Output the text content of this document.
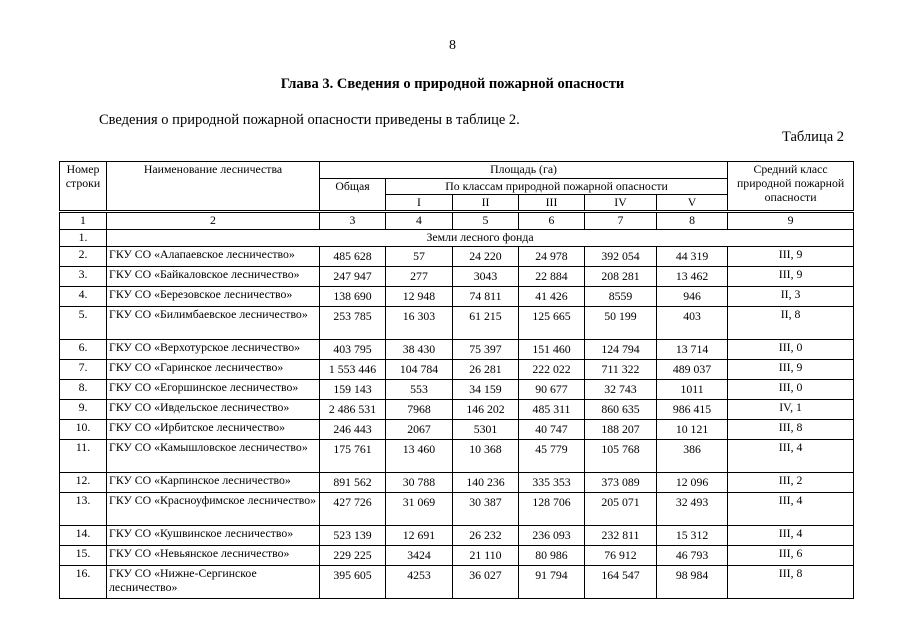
8
Глава 3. Сведения о природной пожарной опасности
Сведения о природной пожарной опасности приведены в таблице 2.
Таблица 2
Номер строки	Наименование лесничества	Площадь (га)						Средний класс природной пожарной опасности
		Общая	По классам природной пожарной опасности					
			I	II	III	IV	V	
1	2	3	4	5	6	7	8	9
1.	Земли лесного фонда							
2.	ГКУ СО «Алапаевское лесничество»	485 628	57	24 220	24 978	392 054	44 319	III, 9
3.	ГКУ СО «Байкаловское лесничество»	247 947	277	3043	22 884	208 281	13 462	III, 9
4.	ГКУ СО «Березовское лесничество»	138 690	12 948	74 811	41 426	8559	946	II, 3
5.	ГКУ СО «Билимбаевское лесничество»	253 785	16 303	61 215	125 665	50 199	403	II, 8
6.	ГКУ СО «Верхотурское лесничество»	403 795	38 430	75 397	151 460	124 794	13 714	III, 0
7.	ГКУ СО «Гаринское лесничество»	1 553 446	104 784	26 281	222 022	711 322	489 037	III, 9
8.	ГКУ СО «Егоршинское лесничество»	159 143	553	34 159	90 677	32 743	1011	III, 0
9.	ГКУ СО «Ивдельское лесничество»	2 486 531	7968	146 202	485 311	860 635	986 415	IV, 1
10.	ГКУ СО «Ирбитское лесничество»	246 443	2067	5301	40 747	188 207	10 121	III, 8
11.	ГКУ СО «Камышловское лесничество»	175 761	13 460	10 368	45 779	105 768	386	III, 4
12.	ГКУ СО «Карпинское лесничество»	891 562	30 788	140 236	335 353	373 089	12 096	III, 2
13.	ГКУ СО «Красноуфимское лесничество»	427 726	31 069	30 387	128 706	205 071	32 493	III, 4
14.	ГКУ СО «Кушвинское лесничество»	523 139	12 691	26 232	236 093	232 811	15 312	III, 4
15.	ГКУ СО «Невьянское лесничество»	229 225	3424	21 110	80 986	76 912	46 793	III, 6
16.	ГКУ СО «Нижне-Сергинское лесничество»	395 605	4253	36 027	91 794	164 547	98 984	III, 8
